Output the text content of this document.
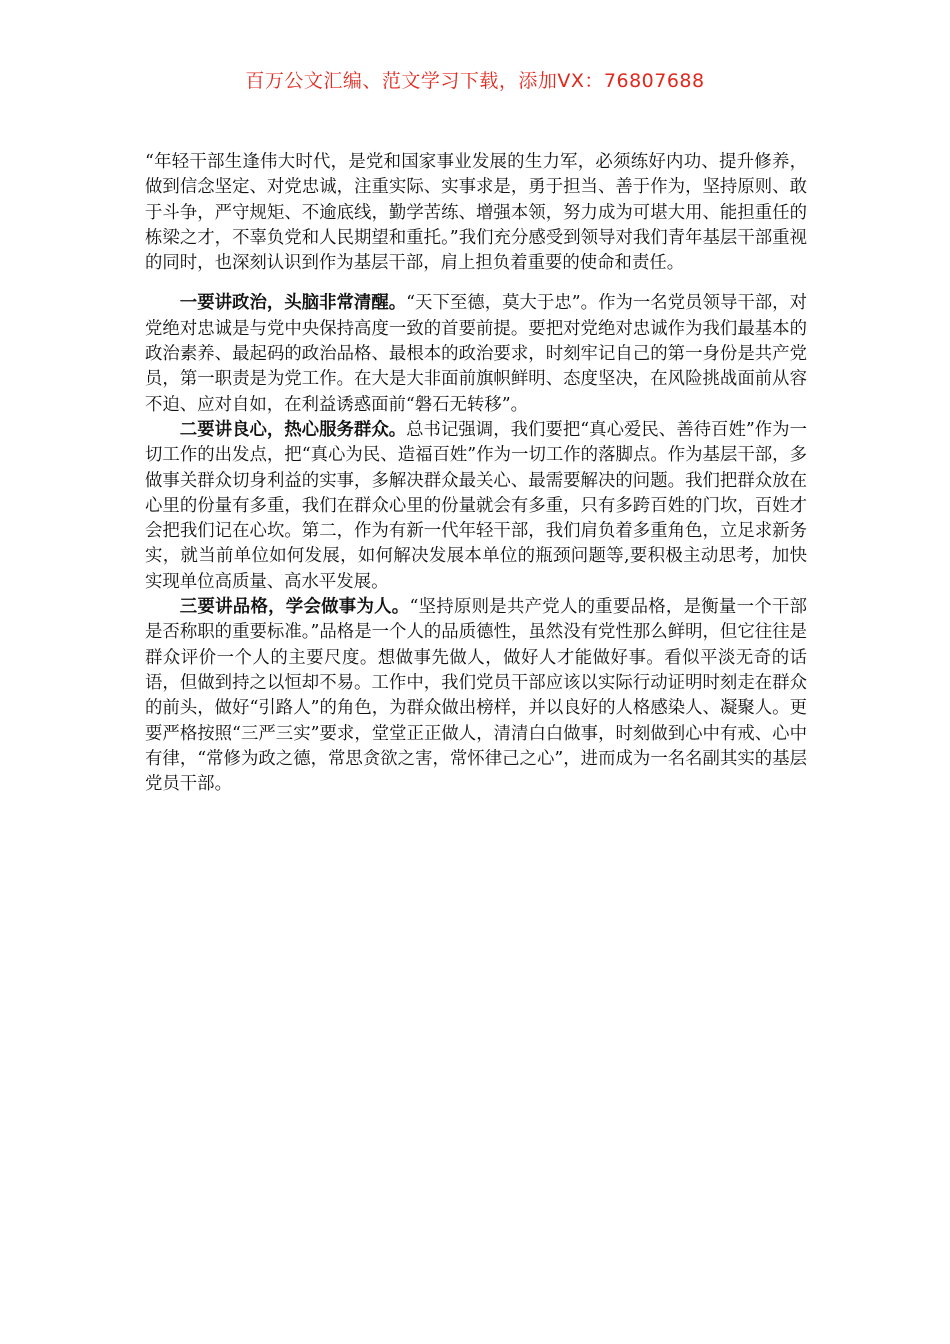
百万公文汇编、范文学习下载，添加VX：76807688

“年轻干部生逢伟大时代，是党和国家事业发展的生力军，必须练好内功、提升修养，做到信念坚定、对党忠诚，注重实际、实事求是，勇于担当、善于作为，坚持原则、敢于斗争，严守规矩、不逾底线，勤学苦练、增强本领，努力成为可堪大用、能担重任的栋梁之才，不辜负党和人民期望和重托。”我们充分感受到领导对我们青年基层干部重视的同时，也深刻认识到作为基层干部，肩上担负着重要的使命和责任。

一要讲政治，头脑非常清醒。“天下至德，莫大于忠”。作为一名党员领导干部，对党绝对忠诚是与党中央保持高度一致的首要前提。要把对党绝对忠诚作为我们最基本的政治素养、最起码的政治品格、最根本的政治要求，时刻牢记自己的第一身份是共产党员，第一职责是为党工作。在大是大非面前旗帜鲜明、态度坚决，在风险挑战面前从容不迫、应对自如，在利益诱惑面前“磐石无转移”。

二要讲良心，热心服务群众。总书记强调，我们要把“真心爱民、善待百姓”作为一切工作的出发点，把“真心为民、造福百姓”作为一切工作的落脚点。作为基层干部，多做事关群众切身利益的实事，多解决群众最关心、最需要解决的问题。我们把群众放在心里的份量有多重，我们在群众心里的份量就会有多重，只有多跨百姓的门坎，百姓才会把我们记在心坎。第二，作为有新一代年轻干部，我们肩负着多重角色，立足求新务实，就当前单位如何发展，如何解决发展本单位的瓶颈问题等,要积极主动思考，加快实现单位高质量、高水平发展。

三要讲品格，学会做事为人。“坚持原则是共产党人的重要品格，是衡量一个干部是否称职的重要标准。”品格是一个人的品质德性，虽然没有党性那么鲜明，但它往往是群众评价一个人的主要尺度。想做事先做人，做好人才能做好事。看似平淡无奇的话语，但做到持之以恒却不易。工作中，我们党员干部应该以实际行动证明时刻走在群众的前头，做好“引路人”的角色，为群众做出榜样，并以良好的人格感染人、凝聚人。更要严格按照“三严三实”要求，堂堂正正做人，清清白白做事，时刻做到心中有戒、心中有律，“常修为政之德，常思贪欲之害，常怀律己之心”，进而成为一名名副其实的基层党员干部。
